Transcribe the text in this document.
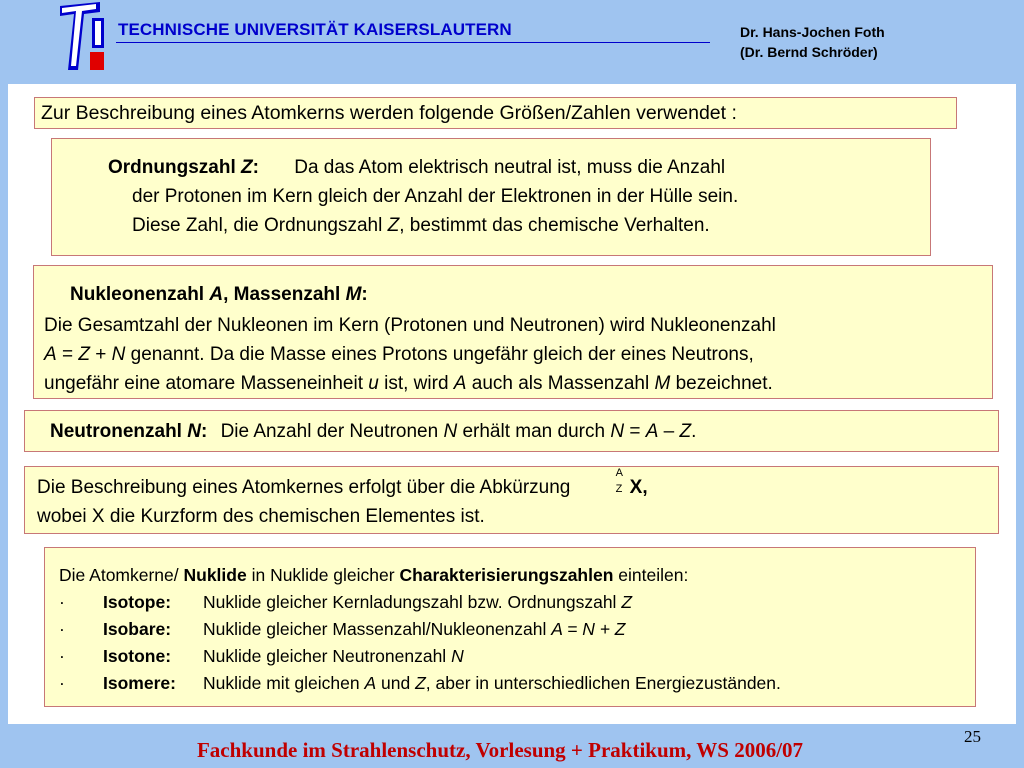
TECHNISCHE UNIVERSITÄT KAISERSLAUTERN	Dr. Hans-Jochen Foth
(Dr. Bernd Schröder)
Zur Beschreibung eines Atomkerns werden folgende Größen/Zahlen verwendet :
Ordnungszahl Z: Da das Atom elektrisch neutral ist, muss die Anzahl
der Protonen im Kern gleich der Anzahl der Elektronen in der Hülle sein.
Diese Zahl, die Ordnungszahl Z, bestimmt das chemische Verhalten.
Nukleonenzahl A, Massenzahl M:
Die Gesamtzahl der Nukleonen im Kern (Protonen und Neutronen) wird Nukleonenzahl
A = Z + N genannt. Da die Masse eines Protons ungefähr gleich der eines Neutrons,
ungefähr eine atomare Masseneinheit u ist, wird A auch als Massenzahl M bezeichnet.
Neutronenzahl N: Die Anzahl der Neutronen N erhält man durch N = A – Z.
Die Beschreibung eines Atomkernes erfolgt über die Abkürzung
A
Z X,
wobei X die Kurzform des chemischen Elementes ist.
Die Atomkerne/ Nuklide in Nuklide gleicher Charakterisierungszahlen einteilen:
· Isotope: Nuklide gleicher Kernladungszahl bzw. Ordnungszahl Z
· Isobare: Nuklide gleicher Massenzahl/Nukleonenzahl A = N + Z
· Isotone: Nuklide gleicher Neutronenzahl N
· Isomere: Nuklide mit gleichen A und Z, aber in unterschiedlichen Energiezuständen.
Fachkunde im Strahlenschutz, Vorlesung + Praktikum, WS 2006/07
25
